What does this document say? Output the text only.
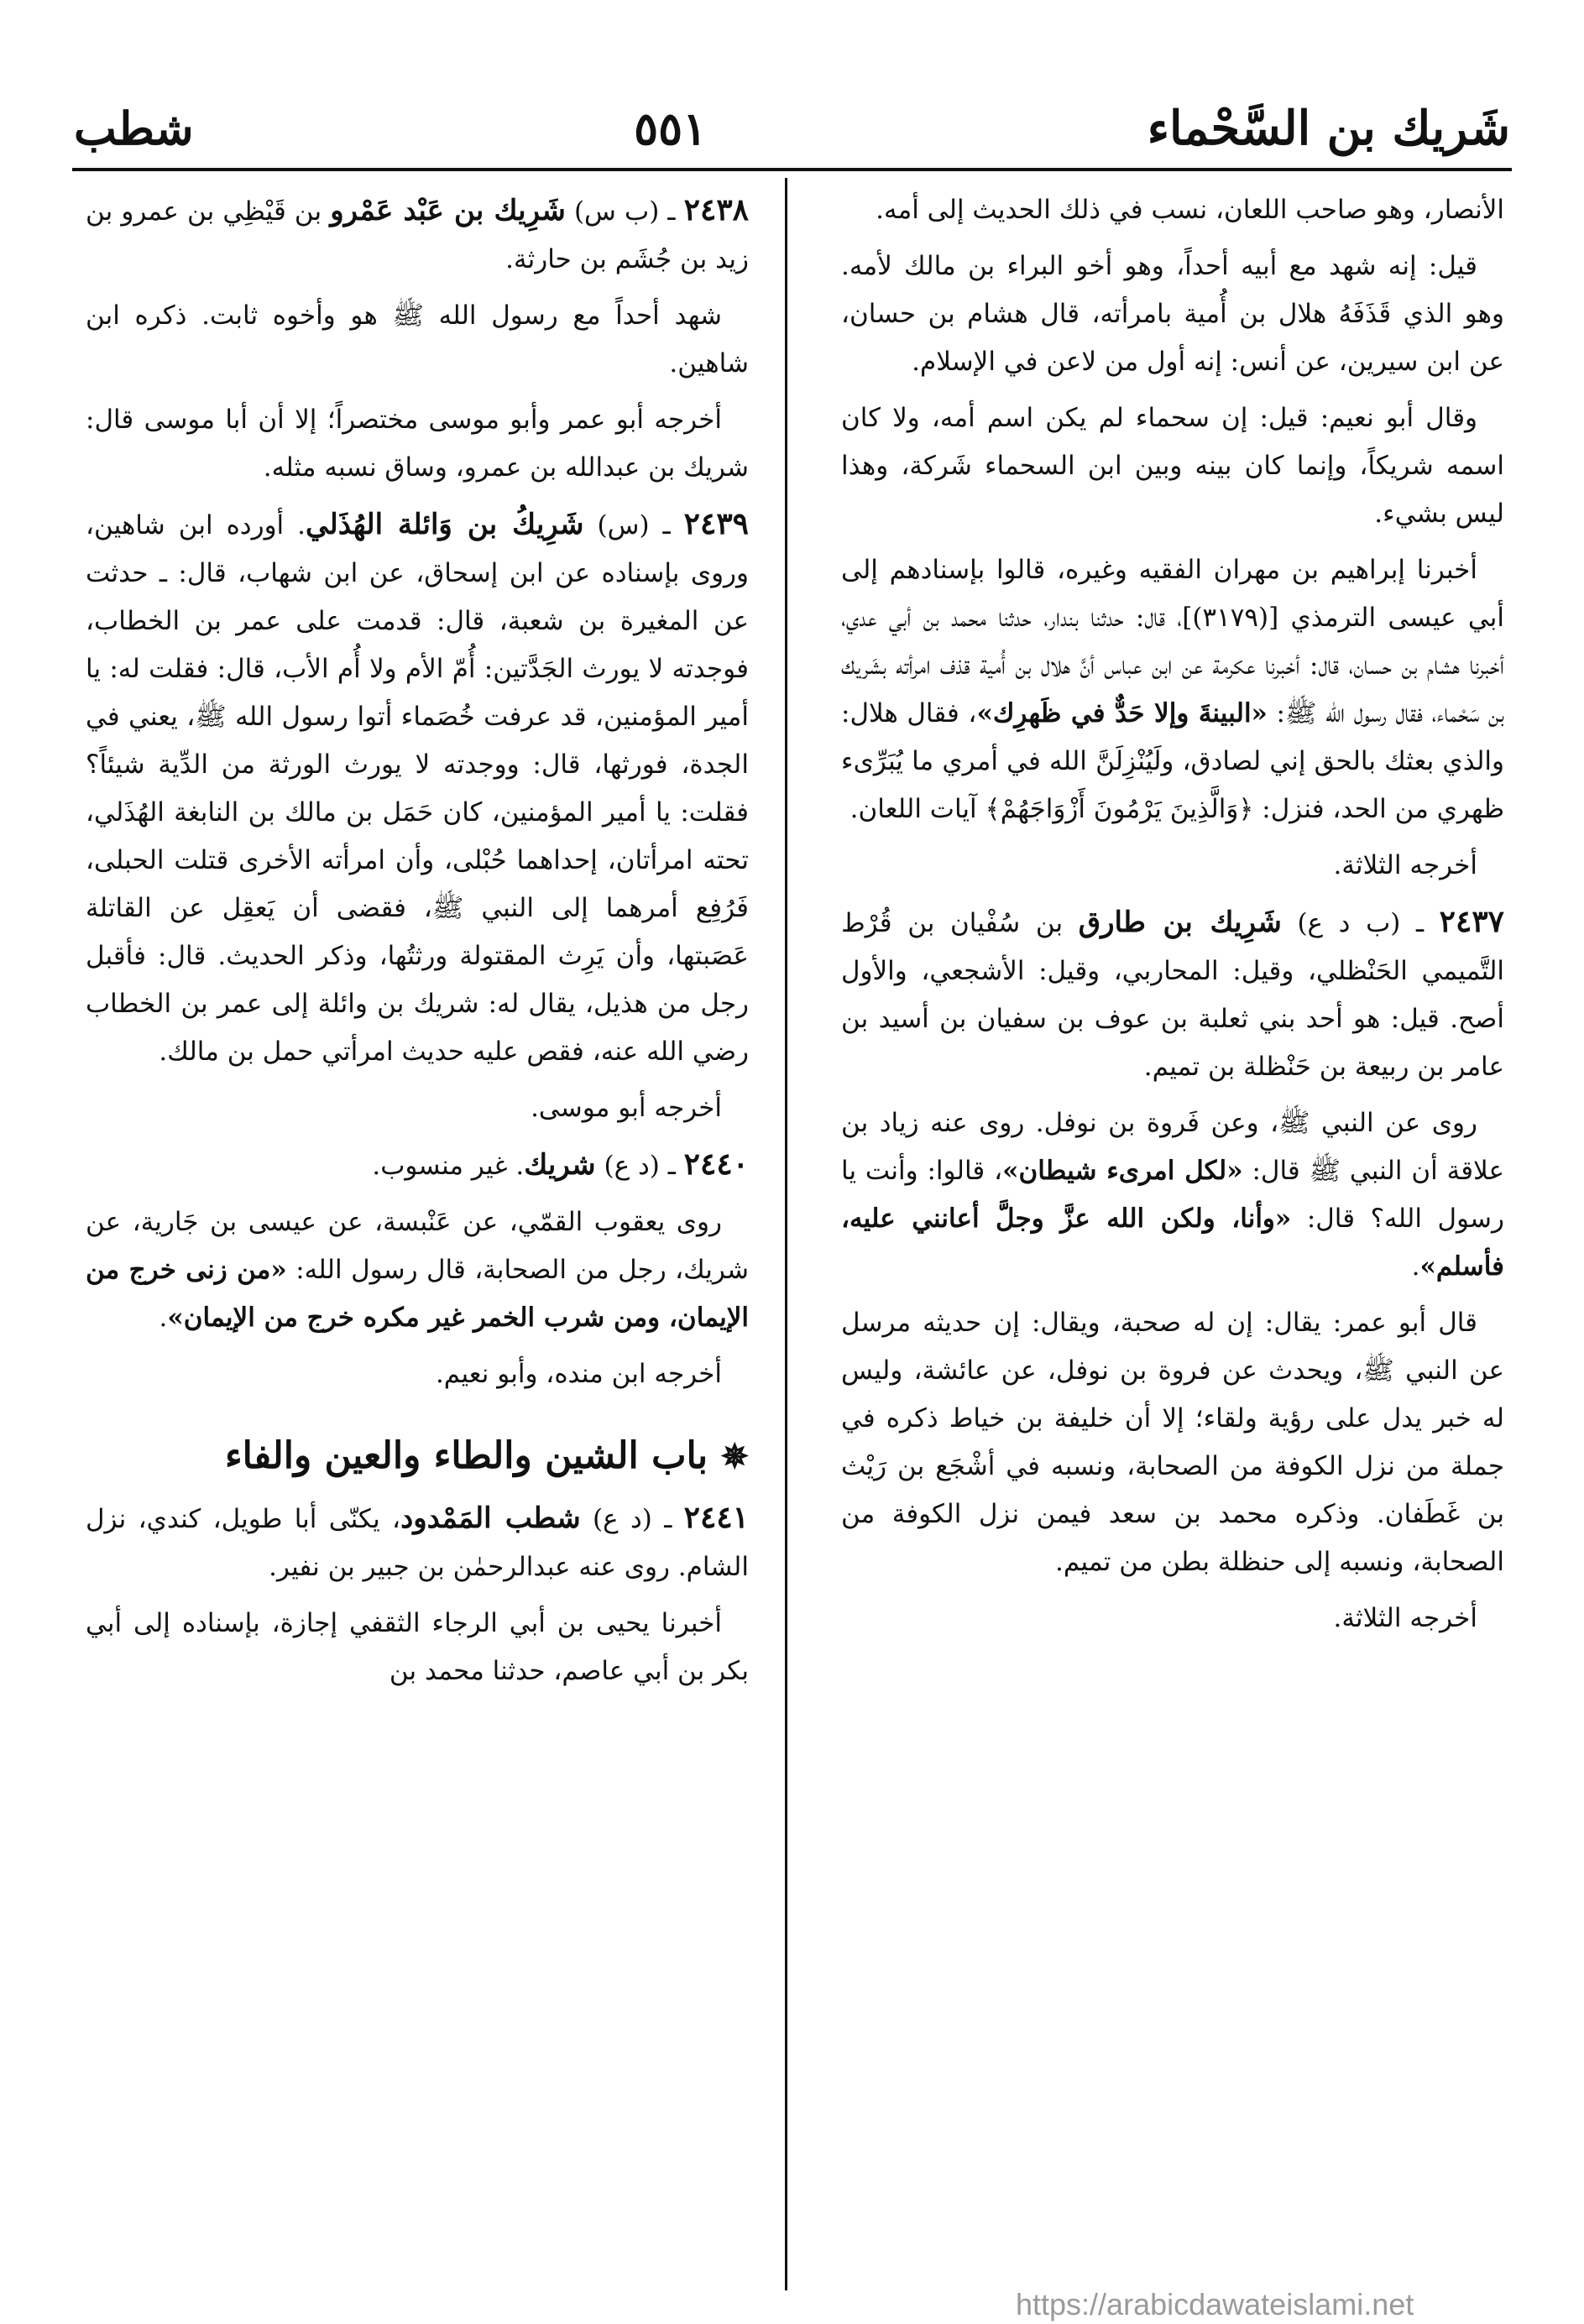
شَريك بن السَّحْماء
٥٥١
شطب

الأنصار، وهو صاحب اللعان، نسب في ذلك الحديث إلى أمه.

قيل: إنه شهد مع أبيه أحداً، وهو أخو البراء بن مالك لأمه. وهو الذي قَذَفَهُ هلال بن أُمية بامرأته، قال هشام بن حسان، عن ابن سيرين، عن أنس: إنه أول من لاعن في الإسلام.

وقال أبو نعيم: قيل: إن سحماء لم يكن اسم أمه، ولا كان اسمه شريكاً، وإنما كان بينه وبين ابن السحماء شَركة، وهذا ليس بشيء.

أخبرنا إبراهيم بن مهران الفقيه وغيره، قالوا بإسنادهم إلى أبي عيسى الترمذي [(٣١٧٩)]، قال: حدثنا بندار، حدثنا محمد بن أبي عدي، أخبرنا هشام بن حسان، قال: أخبرنا عكرمة عن ابن عباس أنَّ هلال بن أُمية قذف امرأته بشَريك بن سَحْماء، فقال رسول الله ﷺ: «البينةَ وإلا حَدٌّ في ظَهرِك»، فقال هلال: والذي بعثك بالحق إني لصادق، ولَيُنْزِلَنَّ الله في أمري ما يُبَرِّىء ظهري من الحد، فنزل: ﴿وَالَّذِينَ يَرْمُونَ أَزْوَاجَهُمْ﴾ آيات اللعان.

أخرجه الثلاثة.

٢٤٣٧ ـ (ب د ع) شَرِيك بن طارق بن سُفْيان بن قُرْط التَّميمي الحَنْظلي، وقيل: المحاربي، وقيل: الأشجعي، والأول أصح. قيل: هو أحد بني ثعلبة بن عوف بن سفيان بن أسيد بن عامر بن ربيعة بن حَنْظلة بن تميم.

روى عن النبي ﷺ، وعن فَروة بن نوفل. روى عنه زياد بن علاقة أن النبي ﷺ قال: «لكل امرىء شيطان»، قالوا: وأنت يا رسول الله؟ قال: «وأنا، ولكن الله عزَّ وجلَّ أعانني عليه، فأسلم».

قال أبو عمر: يقال: إن له صحبة، ويقال: إن حديثه مرسل عن النبي ﷺ، ويحدث عن فروة بن نوفل، عن عائشة، وليس له خبر يدل على رؤية ولقاء؛ إلا أن خليفة بن خياط ذكره في جملة من نزل الكوفة من الصحابة، ونسبه في أشْجَع بن رَيْث بن غَطَفان. وذكره محمد بن سعد فيمن نزل الكوفة من الصحابة، ونسبه إلى حنظلة بطن من تميم.

أخرجه الثلاثة.

٢٤٣٨ ـ (ب س) شَرِيك بن عَبْد عَمْرو بن قَيْظِي بن عمرو بن زيد بن جُشَم بن حارثة.

شهد أحداً مع رسول الله ﷺ هو وأخوه ثابت. ذكره ابن شاهين.

أخرجه أبو عمر وأبو موسى مختصراً؛ إلا أن أبا موسى قال: شريك بن عبدالله بن عمرو، وساق نسبه مثله.

٢٤٣٩ ـ (س) شَرِيكُ بن وَائلة الهُذَلي. أورده ابن شاهين، وروى بإسناده عن ابن إسحاق، عن ابن شهاب، قال: ـ حدثت عن المغيرة بن شعبة، قال: قدمت على عمر بن الخطاب، فوجدته لا يورث الجَدَّتين: أُمّ الأم ولا أُم الأب، قال: فقلت له: يا أمير المؤمنين، قد عرفت خُصَماء أتوا رسول الله ﷺ، يعني في الجدة، فورثها، قال: ووجدته لا يورث الورثة من الدِّية شيئاً؟ فقلت: يا أمير المؤمنين، كان حَمَل بن مالك بن النابغة الهُذَلي، تحته امرأتان، إحداهما حُبْلى، وأن امرأته الأخرى قتلت الحبلى، فَرُفِع أمرهما إلى النبي ﷺ، فقضى أن يَعقِل عن القاتلة عَصَبتها، وأن يَرِث المقتولة ورثتُها، وذكر الحديث. قال: فأقبل رجل من هذيل، يقال له: شريك بن وائلة إلى عمر بن الخطاب رضي الله عنه، فقص عليه حديث امرأتي حمل بن مالك.

أخرجه أبو موسى.

٢٤٤٠ ـ (د ع) شريك. غير منسوب.

روى يعقوب القمّي، عن عَنْبسة، عن عيسى بن جَارية، عن شريك، رجل من الصحابة، قال رسول الله: «من زنى خرج من الإيمان، ومن شرب الخمر غير مكره خرج من الإيمان».

أخرجه ابن منده، وأبو نعيم.

✵ باب الشين والطاء والعين والفاء

٢٤٤١ ـ (د ع) شطب المَمْدود، يكنّى أبا طويل، كندي، نزل الشام. روى عنه عبدالرحمٰن بن جبير بن نفير.

أخبرنا يحيى بن أبي الرجاء الثقفي إجازة، بإسناده إلى أبي بكر بن أبي عاصم، حدثنا محمد بن

https://arabicdawateislami.net
